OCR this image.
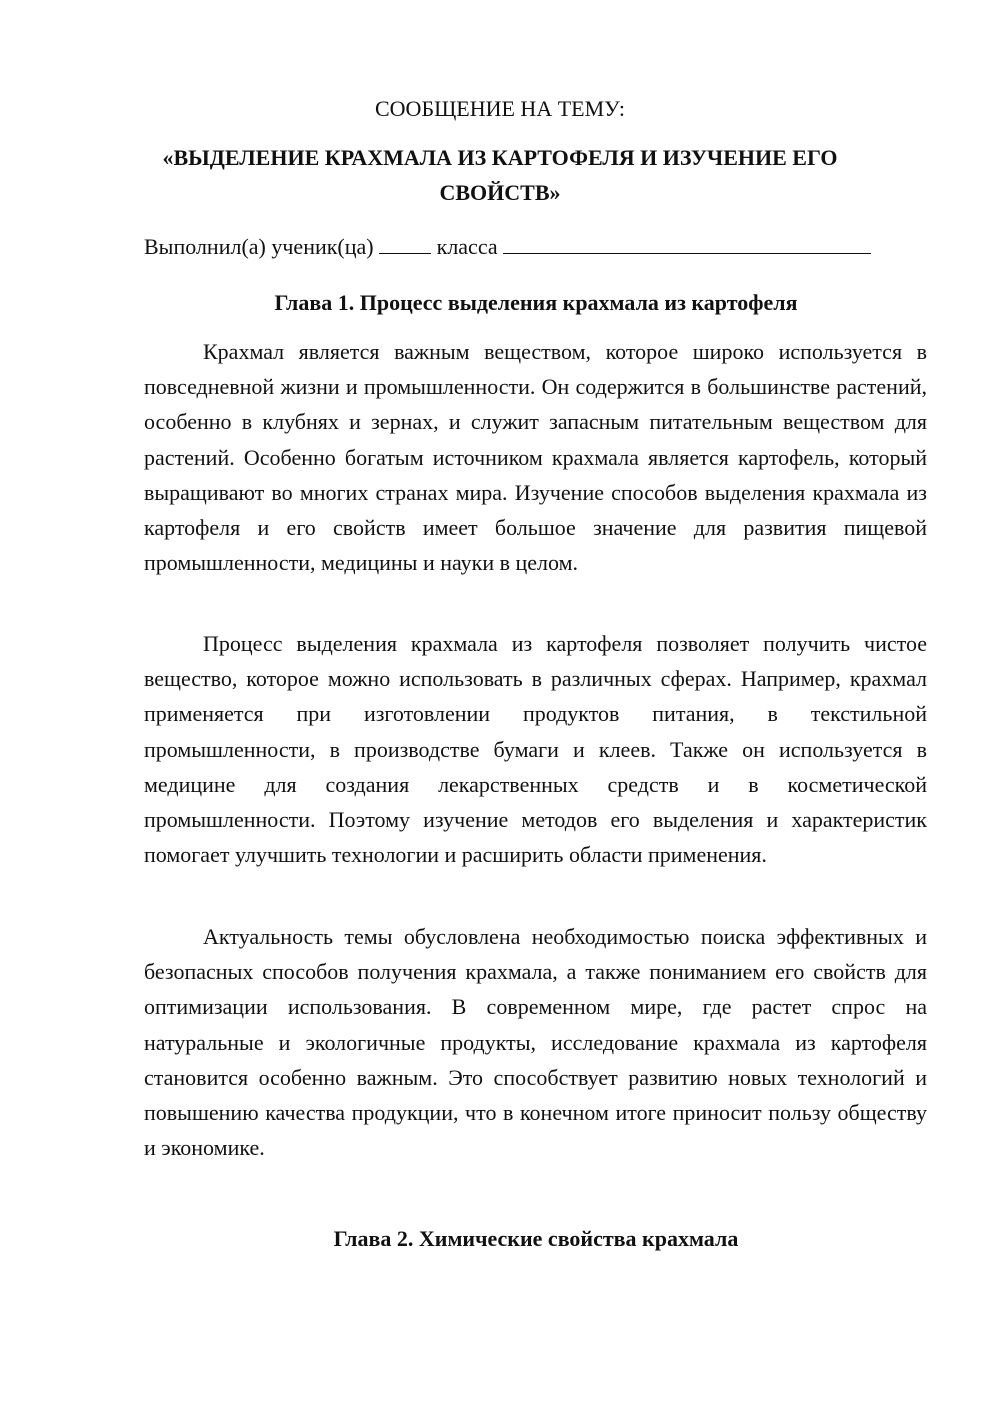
СООБЩЕНИЕ НА ТЕМУ:
«ВЫДЕЛЕНИЕ КРАХМАЛА ИЗ КАРТОФЕЛЯ И ИЗУЧЕНИЕ ЕГО
СВОЙСТВ»
Выполнил(а) ученик(ца)	класса
Глава 1. Процесс выделения крахмала из картофеля

Крахмал является важным веществом, которое широко используется в повседневной жизни и промышленности. Он содержится в большинстве растений, особенно в клубнях и зернах, и служит запасным питательным веществом для растений. Особенно богатым источником крахмала является картофель, который выращивают во многих странах мира. Изучение способов выделения крахмала из картофеля и его свойств имеет большое значение для развития пищевой промышленности, медицины и науки в целом.

Процесс выделения крахмала из картофеля позволяет получить чистое вещество, которое можно использовать в различных сферах. Например, крахмал применяется при изготовлении продуктов питания, в текстильной промышленности, в производстве бумаги и клеев. Также он используется в медицине для создания лекарственных средств и в косметической промышленности. Поэтому изучение методов его выделения и характеристик помогает улучшить технологии и расширить области применения.

Актуальность темы обусловлена необходимостью поиска эффективных и безопасных способов получения крахмала, а также пониманием его свойств для оптимизации использования. В современном мире, где растет спрос на натуральные и экологичные продукты, исследование крахмала из картофеля становится особенно важным. Это способствует развитию новых технологий и повышению качества продукции, что в конечном итоге приносит пользу обществу и экономике.

Глава 2. Химические свойства крахмала
